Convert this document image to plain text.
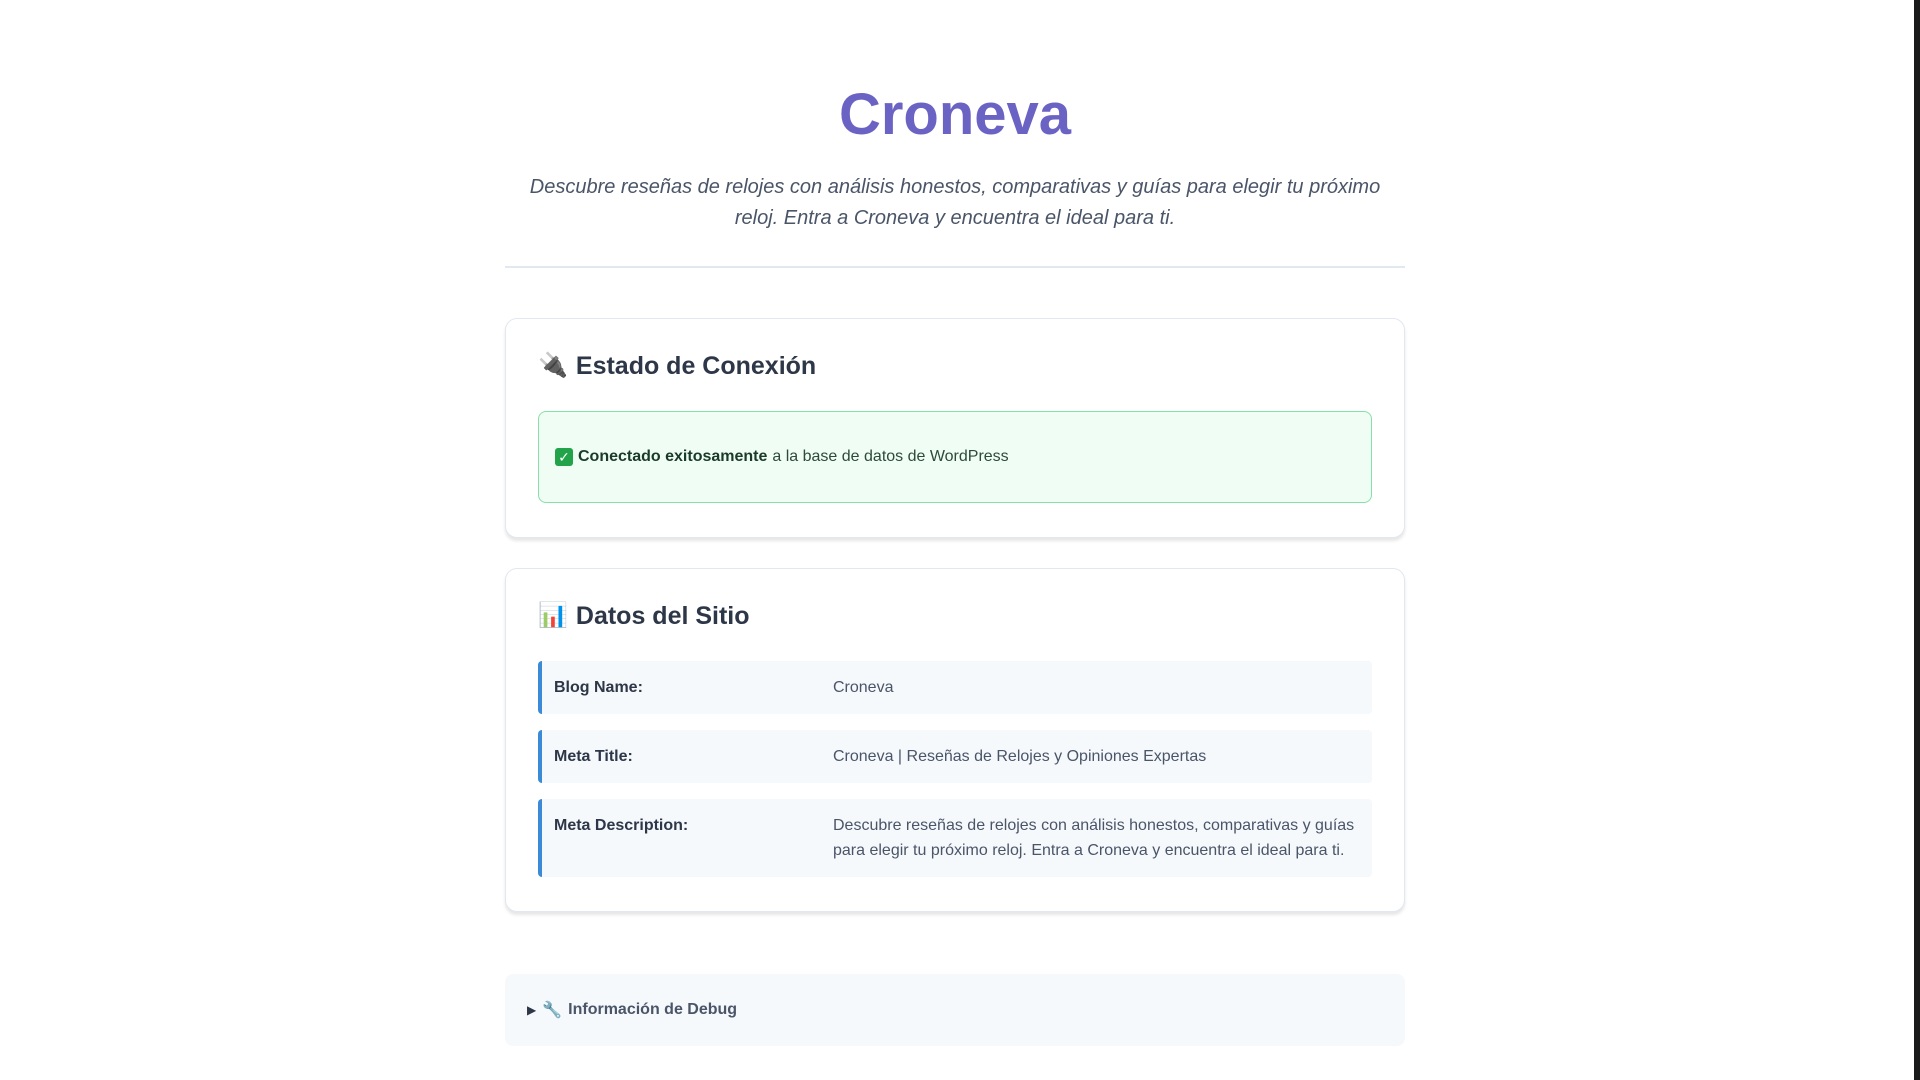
Croneva

Descubre reseñas de relojes con análisis honestos, comparativas y guías para elegir tu próximo reloj. Entra a Croneva y encuentra el ideal para ti.

🔌 Estado de Conexión
✓ Conectado exitosamente a la base de datos de WordPress
📊 Datos del Sitio
Blog Name:	Croneva
Meta Title:	Croneva | Reseñas de Relojes y Opiniones Expertas
Meta Description:	Descubre reseñas de relojes con análisis honestos, comparativas y guías para elegir tu próximo reloj. Entra a Croneva y encuentra el ideal para ti.
▶ 🔧 Información de Debug
